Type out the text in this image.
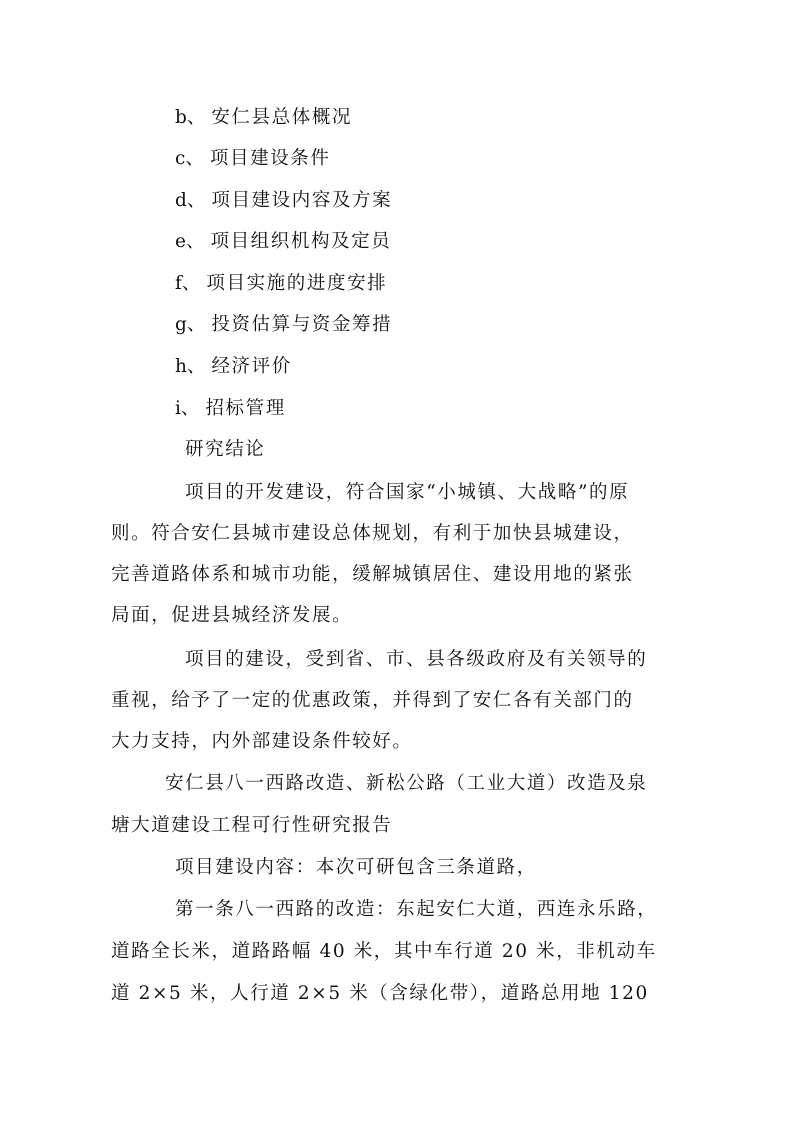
b、 安仁县总体概况
c、 项目建设条件
d、 项目建设内容及方案
e、 项目组织机构及定员
f、 项目实施的进度安排
g、 投资估算与资金筹措
h、 经济评价
i、 招标管理
研究结论
项目的开发建设，符合国家“小城镇、大战略”的原
则。符合安仁县城市建设总体规划，有利于加快县城建设，
完善道路体系和城市功能，缓解城镇居住、建设用地的紧张
局面，促进县城经济发展。
项目的建设，受到省、市、县各级政府及有关领导的
重视，给予了一定的优惠政策，并得到了安仁各有关部门的
大力支持，内外部建设条件较好。
安仁县八一西路改造、新松公路（工业大道）改造及泉
塘大道建设工程可行性研究报告
项目建设内容：本次可研包含三条道路，
第一条八一西路的改造：东起安仁大道，西连永乐路，
道路全长米，道路路幅 40 米，其中车行道 20 米，非机动车
道 2×5 米，人行道 2×5 米（含绿化带），道路总用地 120
